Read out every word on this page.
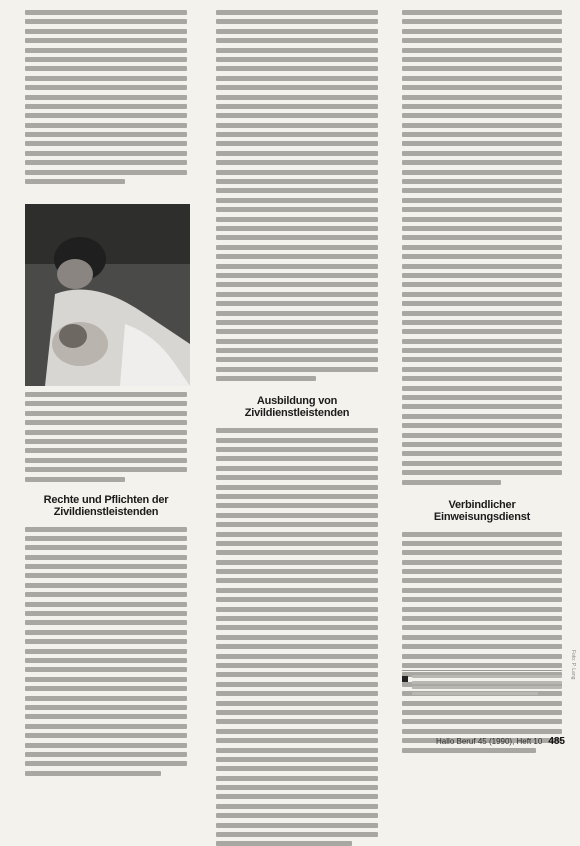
Rechte und Pflichten der Zivildienstleistenden
Ausbildung von Zivildienstleistenden
Verbindlicher Einweisungsdienst
Foto: P. Lang
Hallo Beruf 45 (1990), Heft 10 485
